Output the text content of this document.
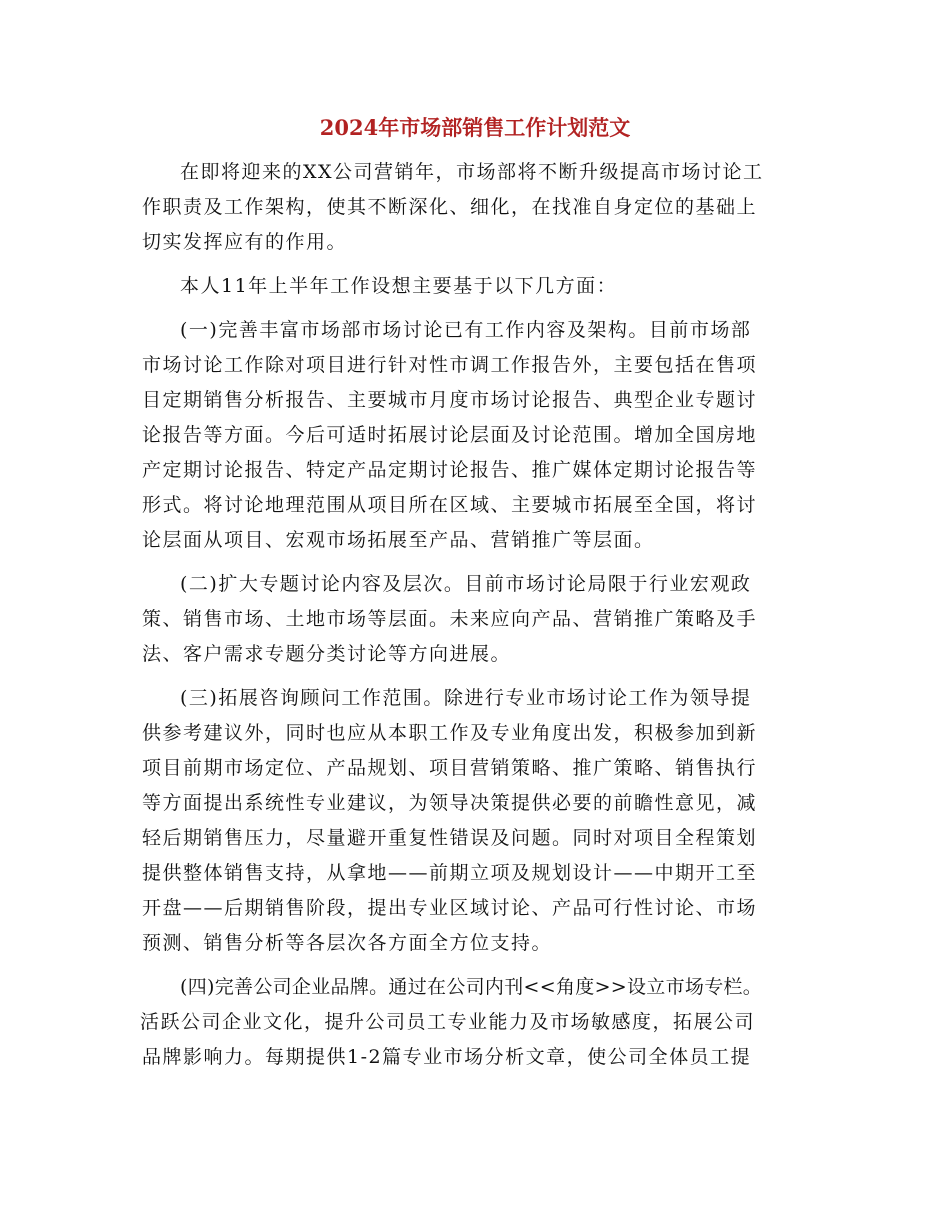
2024年市场部销售工作计划范文
在即将迎来的XX公司营销年，市场部将不断升级提高市场讨论工
作职责及工作架构，使其不断深化、细化，在找准自身定位的基础上
切实发挥应有的作用。
本人11年上半年工作设想主要基于以下几方面：
(一)完善丰富市场部市场讨论已有工作内容及架构。目前市场部
市场讨论工作除对项目进行针对性市调工作报告外，主要包括在售项
目定期销售分析报告、主要城市月度市场讨论报告、典型企业专题讨
论报告等方面。今后可适时拓展讨论层面及讨论范围。增加全国房地
产定期讨论报告、特定产品定期讨论报告、推广媒体定期讨论报告等
形式。将讨论地理范围从项目所在区域、主要城市拓展至全国，将讨
论层面从项目、宏观市场拓展至产品、营销推广等层面。
(二)扩大专题讨论内容及层次。目前市场讨论局限于行业宏观政
策、销售市场、土地市场等层面。未来应向产品、营销推广策略及手
法、客户需求专题分类讨论等方向进展。
(三)拓展咨询顾问工作范围。除进行专业市场讨论工作为领导提
供参考建议外，同时也应从本职工作及专业角度出发，积极参加到新
项目前期市场定位、产品规划、项目营销策略、推广策略、销售执行
等方面提出系统性专业建议，为领导决策提供必要的前瞻性意见，减
轻后期销售压力，尽量避开重复性错误及问题。同时对项目全程策划
提供整体销售支持，从拿地——前期立项及规划设计——中期开工至
开盘——后期销售阶段，提出专业区域讨论、产品可行性讨论、市场
预测、销售分析等各层次各方面全方位支持。
(四)完善公司企业品牌。通过在公司内刊<<角度>>设立市场专栏。
活跃公司企业文化，提升公司员工专业能力及市场敏感度，拓展公司
品牌影响力。每期提供1-2篇专业市场分析文章，使公司全体员工提
